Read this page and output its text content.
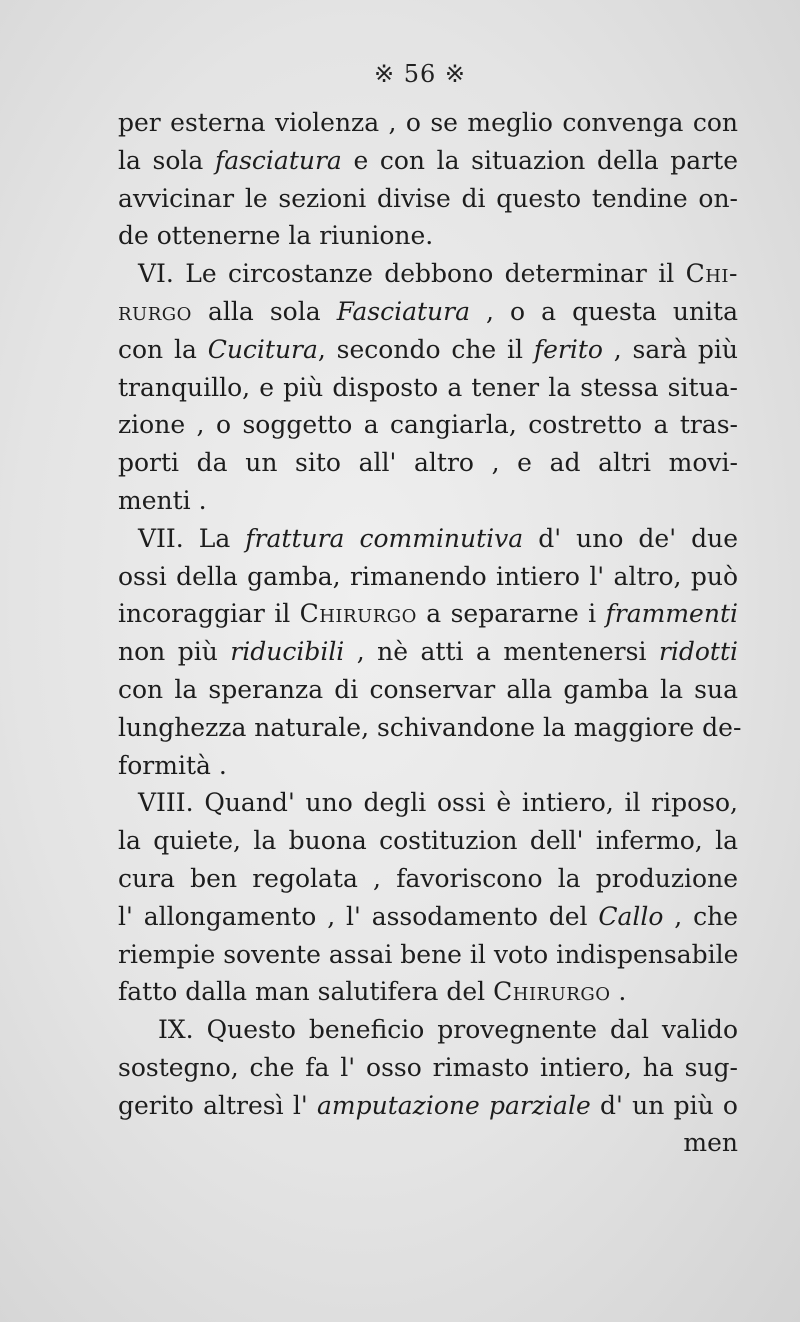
※ 56 ※
per esterna violenza , o se meglio convenga con
la sola fasciatura e con la situazion della parte
avvicinar le sezioni divise di questo tendine on-
de ottenerne la riunione.
VI. Le circostanze debbono determinar il Chi-
rurgo alla sola Fasciatura , o a questa unita
con la Cucitura, secondo che il ferito , sarà più
tranquillo, e più disposto a tener la stessa situa-
zione , o soggetto a cangiarla, costretto a tras-
porti da un sito all' altro , e ad altri movi-
menti .
VII. La frattura comminutiva d' uno de' due
ossi della gamba, rimanendo intiero l' altro, può
incoraggiar il Chirurgo a separarne i frammenti
non più riducibili , nè atti a mentenersi ridotti
con la speranza di conservar alla gamba la sua
lunghezza naturale, schivandone la maggiore de-
formità .
VIII. Quand' uno degli ossi è intiero, il riposo,
la quiete, la buona costituzion dell' infermo, la
cura ben regolata , favoriscono la produzione
l' allongamento , l' assodamento del Callo , che
riempie sovente assai bene il voto indispensabile
fatto dalla man salutifera del Chirurgo .
IX. Questo beneficio provegnente dal valido
sostegno, che fa l' osso rimasto intiero, ha sug-
gerito altresì l' amputazione parziale d' un più o
men
